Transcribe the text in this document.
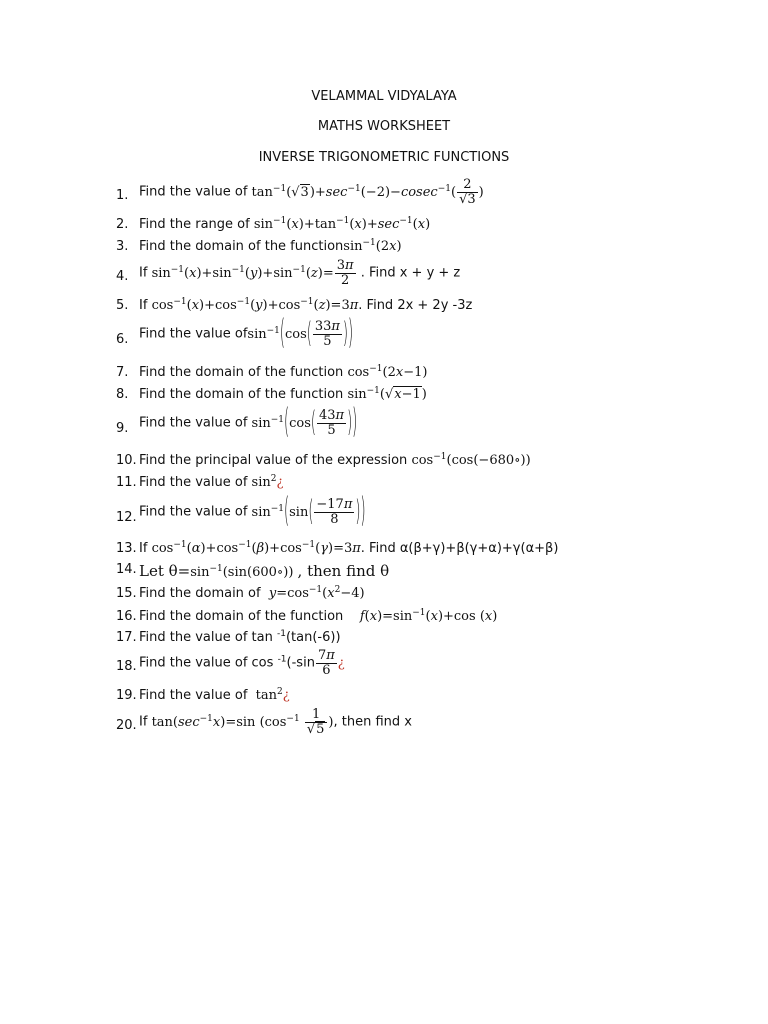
VELAMMAL VIDYALAYA
MATHS WORKSHEET
INVERSE TRIGONOMETRIC FUNCTIONS
1. Find the value of $\tan^{-1}(√3)+\sec^{-1}(-2)-cosec^{-1}( \frac{2}{√3}$ )
2. Find the range of $\sin^{-1}(x)+\tan^{-1}(x)+\sec^{-1}(x)$
3. Find the domain of the functionsin$^{-1}$(2x)
4. If $\sin^{-1}(x)+\sin^{-1}(y)+\sin^{-1}(z)= \frac{3\pi}{2}$ . Find x + y + z
5. If $\cos^{-1}(x)+\cos^{-1}(y)+\cos^{-1}(z)=3\pi$. Find 2x + 2y -3z
6. Find the value $ofsin^{-1}(\cos( \frac{33\pi}{5}$ ))
7. Find the domain of the function $\cos^{-1}(2x-1)$
8. Find the domain of the function $\sin^{-1}(√x-1)$
9. Find the value of $\sin^{-1}(\cos( \frac{43\pi}{5}$ ))
10. Find the principal value of the expression $\cos^{-1}(\cos(-680\circ))$
11. Find the value of $\sin^2¿$
12. Find the value of $\sin^{-1}(\sin( \frac{-17\pi}{8}$ ))
13. If $\cos^{-1}(\alpha)+\cos^{-1}(\beta)+\cos^{-1}(\gamma)=3\pi$. Find α(β+γ)+β(γ+α)+γ(α+β)
14. Let $\theta=\sin^{-1}(\sin(600\circ))$ , then find θ
15. Find the domain of $y=\cos^{-1}(x^2-4)$
16. Find the domain of the function $f(x)=\sin^{-1}(x)+\cos$ (x)
17. Find the value of tan $^{-1}$(tan(-6))
18. Find the value of $\cos ^{-1}(-\sin \frac{7\pi}{6}$ ¿
19. Find the value of $\tan^2¿$
20. If $\tan(\sec^{-1}x)=\sin$ ($\cos^{-1} \frac{1}{√5}$ ), then find x
